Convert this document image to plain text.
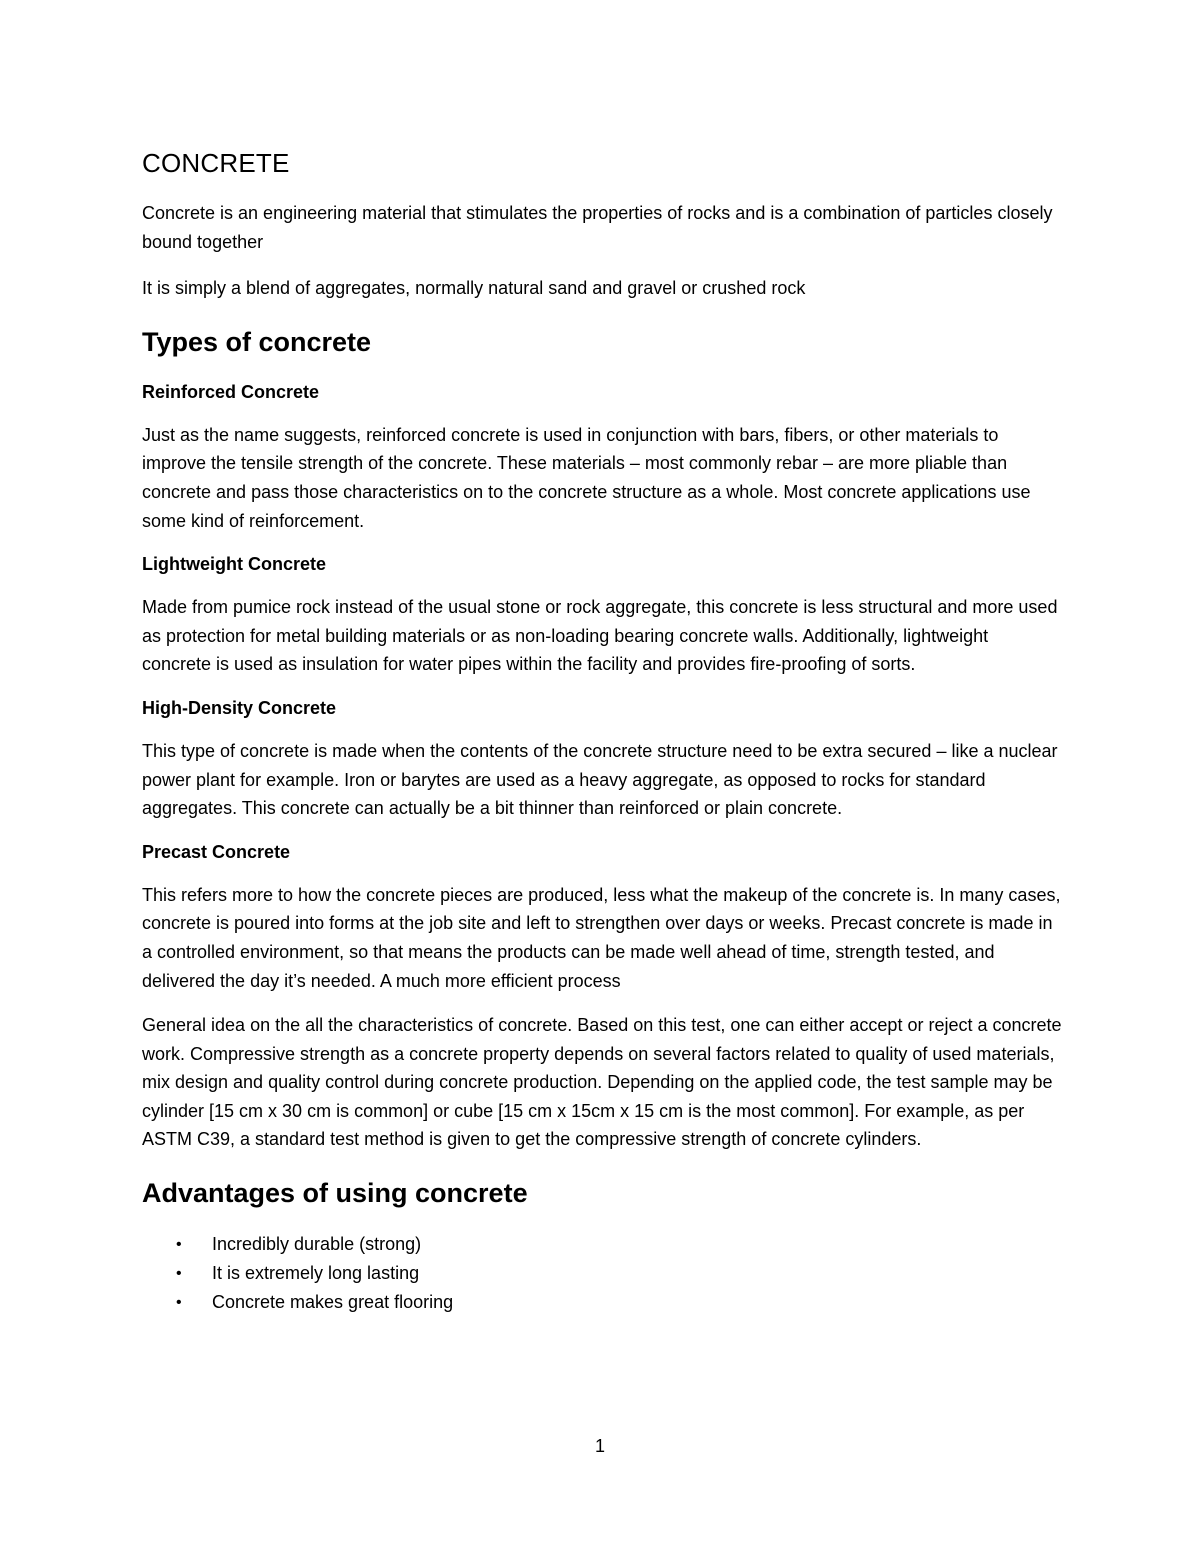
CONCRETE

Concrete is an engineering material that stimulates the properties of rocks and is a combination of particles closely bound together

It is simply a blend of aggregates, normally natural sand and gravel or crushed rock

Types of concrete
Reinforced Concrete

Just as the name suggests, reinforced concrete is used in conjunction with bars, fibers, or other materials to improve the tensile strength of the concrete. These materials – most commonly rebar – are more pliable than concrete and pass those characteristics on to the concrete structure as a whole. Most concrete applications use some kind of reinforcement.

Lightweight Concrete

Made from pumice rock instead of the usual stone or rock aggregate, this concrete is less structural and more used as protection for metal building materials or as non-loading bearing concrete walls. Additionally, lightweight concrete is used as insulation for water pipes within the facility and provides fire-proofing of sorts.

High-Density Concrete

This type of concrete is made when the contents of the concrete structure need to be extra secured – like a nuclear power plant for example. Iron or barytes are used as a heavy aggregate, as opposed to rocks for standard aggregates. This concrete can actually be a bit thinner than reinforced or plain concrete.

Precast Concrete

This refers more to how the concrete pieces are produced, less what the makeup of the concrete is. In many cases, concrete is poured into forms at the job site and left to strengthen over days or weeks. Precast concrete is made in a controlled environment, so that means the products can be made well ahead of time, strength tested, and delivered the day it’s needed. A much more efficient process

General idea on the all the characteristics of concrete. Based on this test, one can either accept or reject a concrete work. Compressive strength as a concrete property depends on several factors related to quality of used materials, mix design and quality control during concrete production. Depending on the applied code, the test sample may be cylinder [15 cm x 30 cm is common] or cube [15 cm x 15cm x 15 cm is the most common]. For example, as per ASTM C39, a standard test method is given to get the compressive strength of concrete cylinders.

Advantages of using concrete
• Incredibly durable (strong)
• It is extremely long lasting
• Concrete makes great flooring
1
